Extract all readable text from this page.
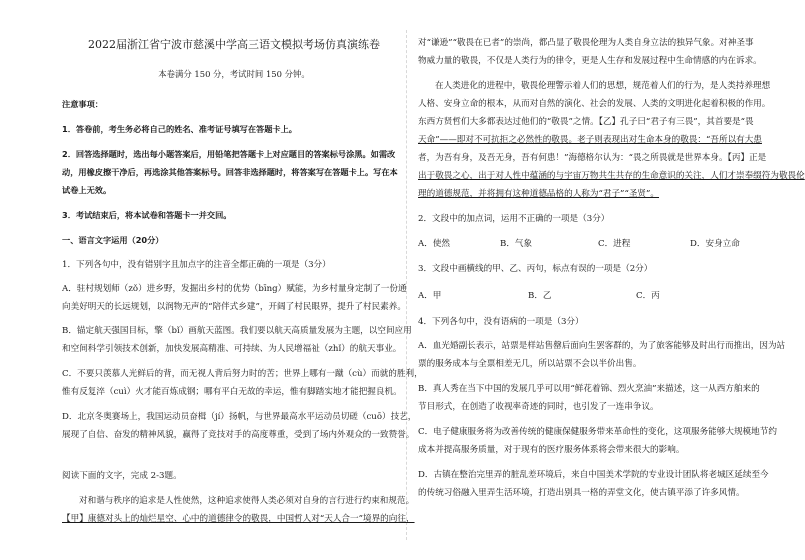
2022届浙江省宁波市慈溪中学高三语文模拟考场仿真演练卷
本卷满分 150 分，考试时间 150 分钟。
注意事项：
1．答卷前，考生务必将自己的姓名、准考证号填写在答题卡上。
2．回答选择题时，选出每小题答案后，用铅笔把答题卡上对应题目的答案标号涂黑。如需改
动，用橡皮擦干净后，再选涂其他答案标号。回答非选择题时，将答案写在答题卡上。写在本
试卷上无效。
3．考试结束后，将本试卷和答题卡一并交回。
一、语言文字运用（20分）
1．下列各句中，没有错别字且加点字的注音全都正确的一项是（3分）
A．驻村规划师（zǒ）进乡野，发掘出乡村的优势（bīng）赋能，为乡村量身定制了一份通
向美好明天的长远规划，以润物无声的“陪伴式乡建”，开阔了村民眼界，提升了村民素养。
B．锚定航天强国目标，擎（bǐ）画航天蓝图。我们要以航天高质量发展为主题，以空间应用
和空间科学引领技术创新，加快发展高精准、可持续、为人民增福祉（zhǐ）的航天事业。
C．不要只羡慕人光鲜后的背，而无视人背后努力时的苦；世界上哪有一蹴（cù）而就的胜利，
惟有反复淬（cuì）火才能百炼成钢；哪有平白无故的幸运，惟有脚踏实地才能把握良机。
D．北京冬奥赛场上，我国运动员奋楫（jí）扬帆，与世界最高水平运动员切磋（cuō）技艺，
展现了自信、奋发的精神风貌，赢得了竞技对手的高度尊重，受到了场内外观众的一致赞誉。
阅读下面的文字，完成 2-3题。
对和谐与秩序的追求是人性使然，这种追求使得人类必须对自身的言行进行约束和规范。
【甲】康德对头上的灿烂星空、心中的道德律令的敬畏，中国哲人对“天人合一”境界的向往，
对“谦逊”“敬畏在已者”的崇尚，都凸显了敬畏伦理为人类自身立法的独异气象。对神圣事
物威力量的敬畏，不仅是人类行为的律令，更是人生存和发展过程中生命情感的内在诉求。
在人类进化的进程中，敬畏伦理警示着人们的思想，规范着人们的行为，是人类持养理想
人格、安身立命的根本，从而对自然的演化、社会的发展、人类的文明进化起着积极的作用。
东西方贤哲们大多都表达过他们的“敬畏”之情。【乙】孔子曰“君子有三畏”，其首要是“畏
天命”——即对不可抗拒之必然性的敬畏。老子则表现出对生命本身的敬畏：“吾所以有大患
者，为吾有身，及吾无身，吾有何患！”海德格尔认为：“畏之所畏就是世界本身。【丙】正是
出于敬畏之心，出于对人性中蕴涵的与宇宙万物共生共存的生命意识的关注，人们才崇奉缀符为敬畏伦
理的道德规范，并将拥有这种道德品格的人称为“君子”“圣贤”。
2．文段中的加点词，运用不正确的一项是（3分）
A．使然	B．气象	C．进程	D．安身立命
3．文段中画横线的甲、乙、丙句，标点有误的一项是（2分）
A．甲	B．乙	C．丙
4．下列各句中，没有语病的一项是（3分）
A．血光婚副长表示，站票是样站售罄后面向生罢客群的，为了旅客能够及时出行而推出，因为站
票的服务成本与全票相差无几，所以站票不会以半价出售。
B．真人秀在当下中国的发展几乎可以用“鲜花着锦、烈火烹油”来描述，这一从西方舶来的
节目形式，在创造了收视率奇迹的同时，也引发了一连串争议。
C．电子健康服务将为改善传统的健康保健服务带来革命性的变化，这项服务能够大规模地节约
成本并提高服务质量，对于现有的医疗服务体系将会带来很大的影响。
D．古镇在整治完里弄的脏乱差环境后，来自中国美术学院的专业设计团队将老城区延续至今
的传统习俗融入里弄生活环境，打造出别具一格的弄堂文化，使古镇平添了许多风情。
